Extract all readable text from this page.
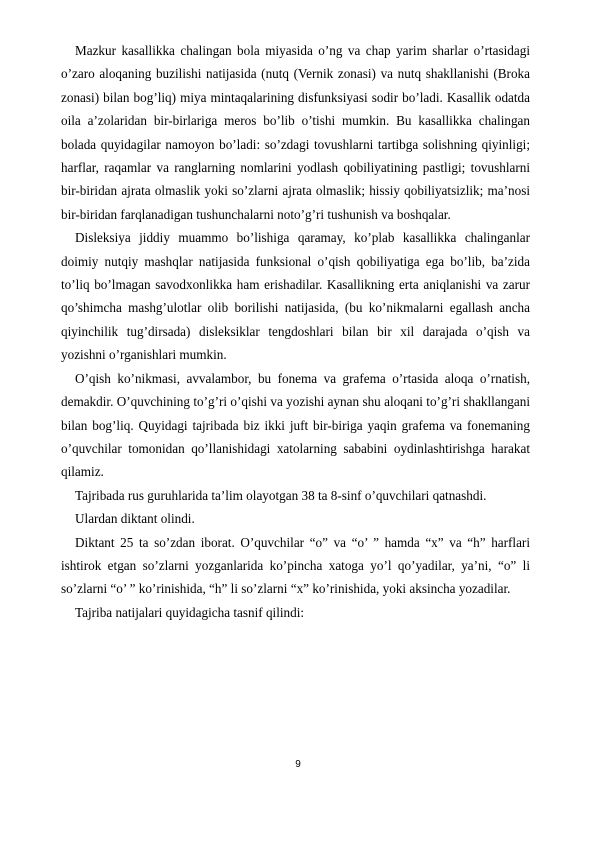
Mazkur kasallikka chalingan bola miyasida o’ng va chap yarim sharlar o’rtasidagi o’zaro aloqaning buzilishi natijasida (nutq (Vernik zonasi) va nutq shakllanishi (Broka zonasi) bilan bog’liq) miya mintaqalarining disfunksiyasi sodir bo’ladi. Kasallik odatda oila a’zolaridan bir-birlariga meros bo’lib o’tishi mumkin. Bu kasallikka chalingan bolada quyidagilar namoyon bo’ladi: so’zdagi tovushlarni tartibga solishning qiyinligi; harflar, raqamlar va ranglarning nomlarini yodlash qobiliyatining pastligi; tovushlarni bir-biridan ajrata olmaslik yoki so’zlarni ajrata olmaslik; hissiy qobiliyatsizlik; ma’nosi bir-biridan farqlanadigan tushunchalarni noto’g’ri tushunish va boshqalar.

Disleksiya jiddiy muammo bo’lishiga qaramay, ko’plab kasallikka chalinganlar doimiy nutqiy mashqlar natijasida funksional o’qish qobiliyatiga ega bo’lib, ba’zida to’liq bo’lmagan savodxonlikka ham erishadilar. Kasallikning erta aniqlanishi va zarur qo’shimcha mashg’ulotlar olib borilishi natijasida, (bu ko’nikmalarni egallash ancha qiyinchilik tug’dirsada) disleksiklar tengdoshlari bilan bir xil darajada o’qish va yozishni o’rganishlari mumkin.

O’qish ko’nikmasi, avvalambor, bu fonema va grafema o’rtasida aloqa o’rnatish, demakdir. O’quvchining to’g’ri o’qishi va yozishi aynan shu aloqani to’g’ri shakllangani bilan bog’liq. Quyidagi tajribada biz ikki juft bir-biriga yaqin grafema va fonemaning o’quvchilar tomonidan qo’llanishidagi xatolarning sababini oydinlashtirishga harakat qilamiz.

Tajribada rus guruhlarida ta’lim olayotgan 38 ta 8-sinf o’quvchilari qatnashdi.

Ulardan diktant olindi.

Diktant 25 ta so’zdan iborat. O’quvchilar “o” va “o’ ” hamda “x” va “h” harflari ishtirok etgan so’zlarni yozganlarida ko’pincha xatoga yo’l qo’yadilar, ya’ni, “o” li so’zlarni “o’ ” ko’rinishida, “h” li so’zlarni “x” ko’rinishida, yoki aksincha yozadilar.

Tajriba natijalari quyidagicha tasnif qilindi:

9
